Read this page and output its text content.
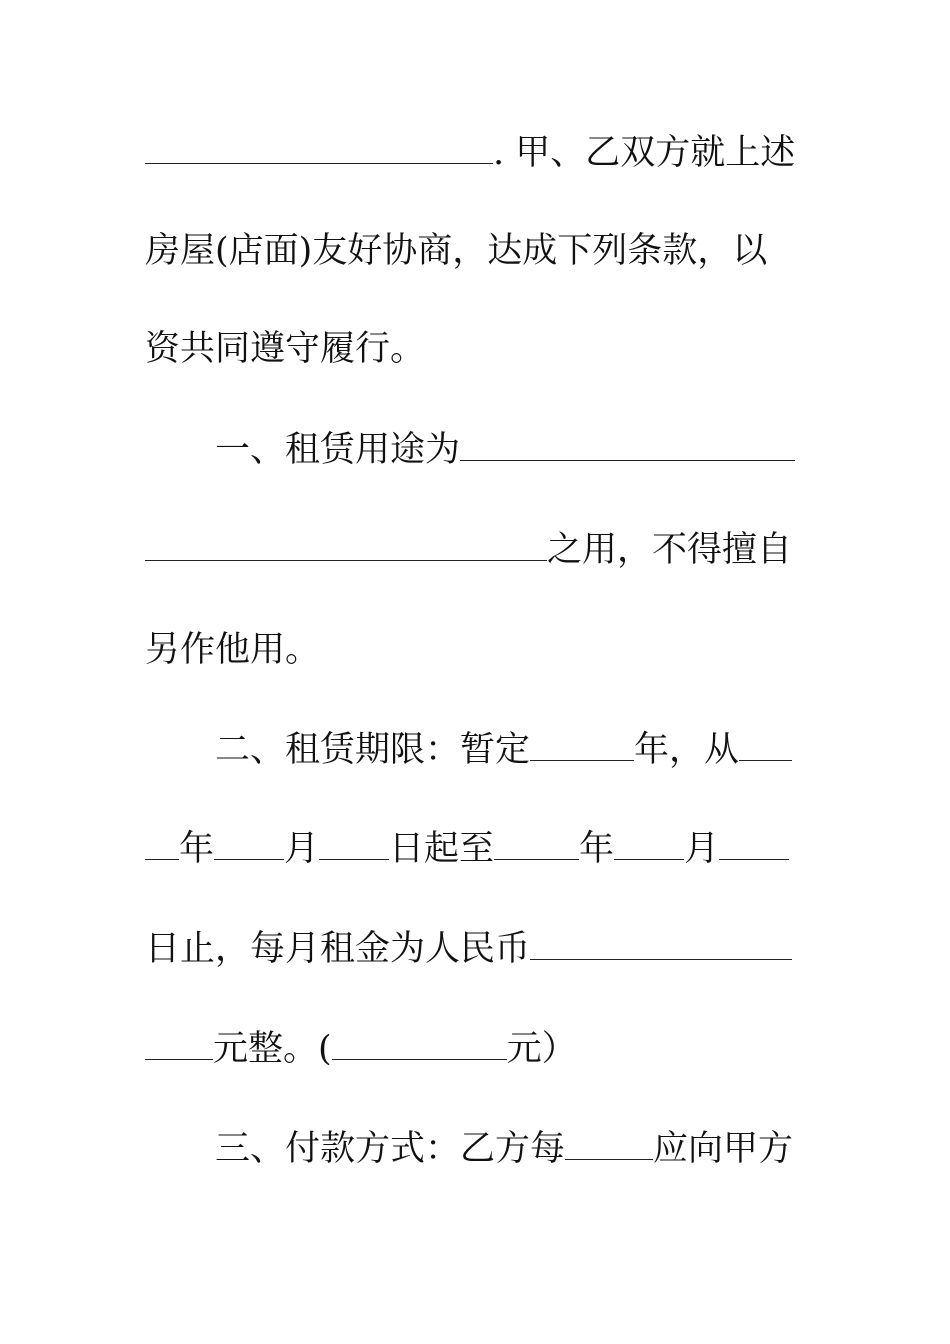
. 甲、乙双方就上述
房屋(店面)友好协商，达成下列条款，以
资共同遵守履行。
一、租赁用途为
之用，不得擅自
另作他用。
二、租赁期限：暂定	年，从
年 月 日起至 年 月
日止，每月租金为人民币
元整。(	元）
三、付款方式：乙方每	应向甲方
